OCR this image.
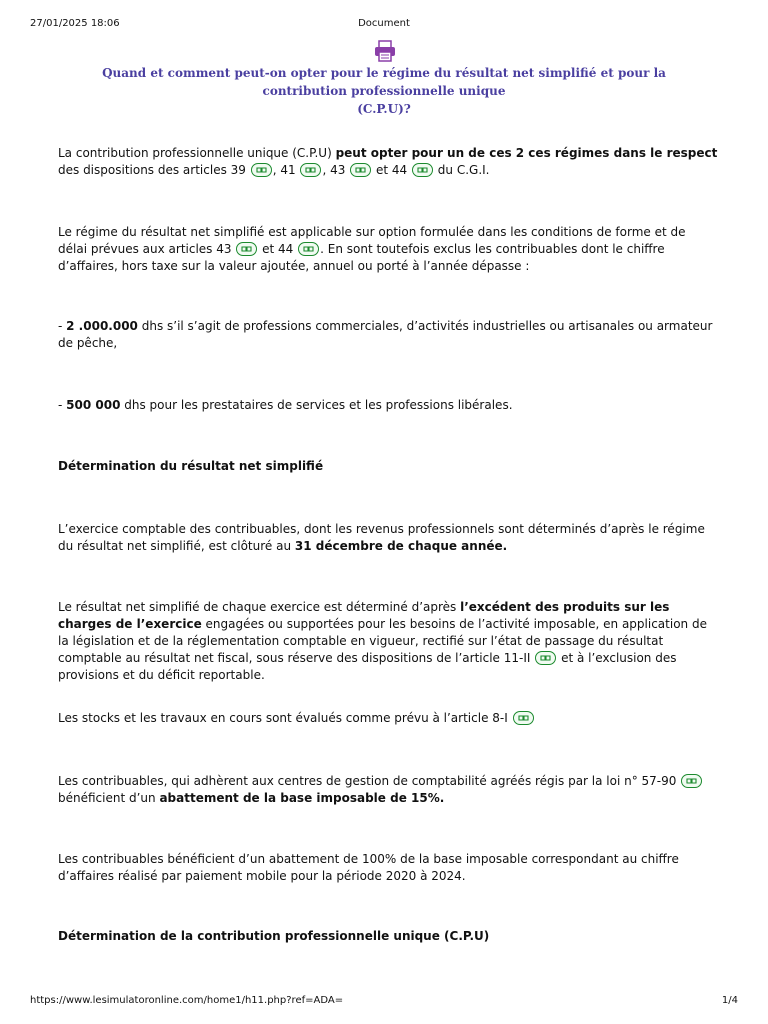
27/01/2025 18:06	Document
Quand et comment peut-on opter pour le régime du résultat net simplifié et pour la contribution professionnelle unique
(C.P.U)?

La contribution professionnelle unique (C.P.U) peut opter pour un de ces 2 ces régimes dans le respect des dispositions des articles 39
, 41
, 43
et 44
du C.G.I.

Le régime du résultat net simplifié est applicable sur option formulée dans les conditions de forme et de délai prévues aux articles 43
et 44
. En sont toutefois exclus les contribuables dont le chiffre d’affaires, hors taxe sur la valeur ajoutée, annuel ou porté à l’année dépasse :

- 2 .000.000 dhs s’il s’agit de professions commerciales, d’activités industrielles ou artisanales ou armateur de pêche,

- 500 000 dhs pour les prestataires de services et les professions libérales.

Détermination du résultat net simplifié

L’exercice comptable des contribuables, dont les revenus professionnels sont déterminés d’après le régime du résultat net simplifié, est clôturé au 31 décembre de chaque année.

Le résultat net simplifié de chaque exercice est déterminé d’après l’excédent des produits sur les charges de l’exercice engagées ou supportées pour les besoins de l’activité imposable, en application de la législation et de la réglementation comptable en vigueur, rectifié sur l’état de passage du résultat comptable au résultat net fiscal, sous réserve des dispositions de l’article 11-II
et à l’exclusion des provisions et du déficit reportable.

Les stocks et les travaux en cours sont évalués comme prévu à l’article 8-I

Les contribuables, qui adhèrent aux centres de gestion de comptabilité agréés régis par la loi n° 57-90
bénéficient d’un abattement de la base imposable de 15%.

Les contribuables bénéficient d’un abattement de 100% de la base imposable correspondant au chiffre d’affaires réalisé par paiement mobile pour la période 2020 à 2024.

Détermination de la contribution professionnelle unique (C.P.U)
https://www.lesimulatoronline.com/home1/h11.php?ref=ADA=	1/4
